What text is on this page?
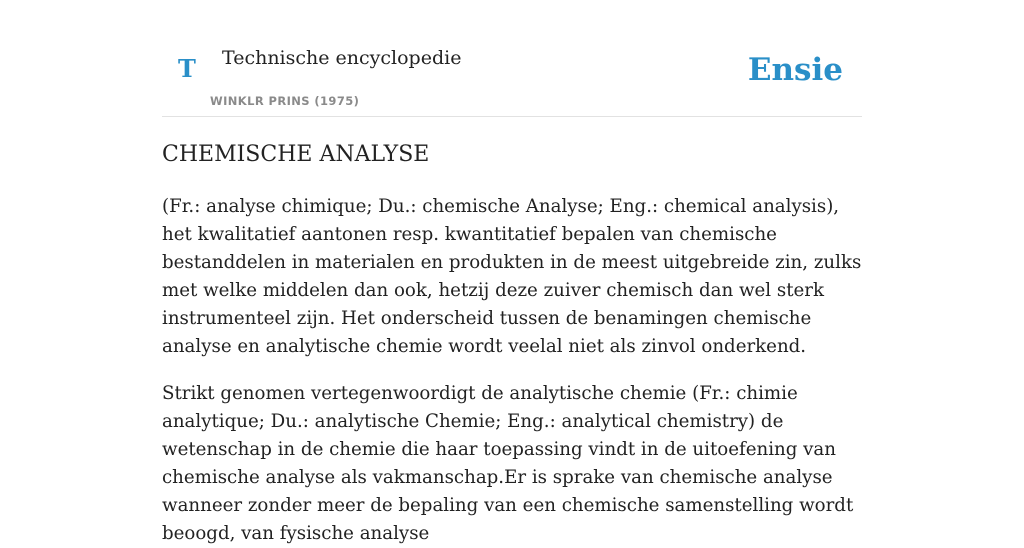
T Technische encyclopedie
WINKLR PRINS (1975)
Ensie
CHEMISCHE ANALYSE

(Fr.: analyse chimique; Du.: chemische Analyse; Eng.: chemical analysis), het kwalitatief aantonen resp. kwantitatief bepalen van chemische bestanddelen in materialen en produkten in de meest uitgebreide zin, zulks met welke middelen dan ook, hetzij deze zuiver chemisch dan wel sterk instrumenteel zijn. Het onderscheid tussen de benamingen chemische analyse en analytische chemie wordt veelal niet als zinvol onderkend.

Strikt genomen vertegenwoordigt de analytische chemie (Fr.: chimie analytique; Du.: analytische Chemie; Eng.: analytical chemistry) de wetenschap in de chemie die haar toepassing vindt in de uitoefening van chemische analyse als vakmanschap.Er is sprake van chemische analyse wanneer zonder meer de bepaling van een chemische samenstelling wordt beoogd, van fysische analyse
